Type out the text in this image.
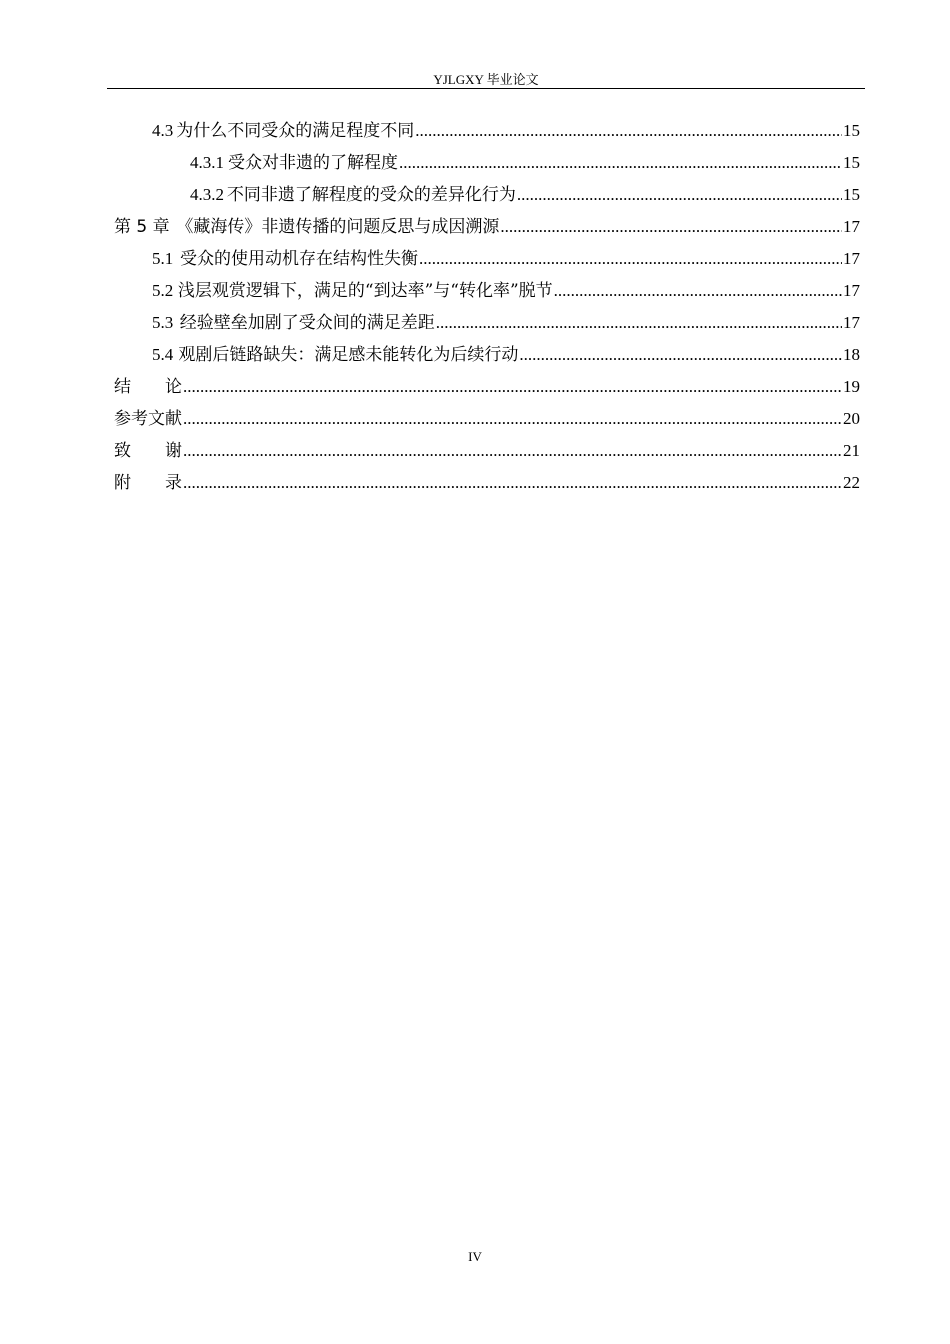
YJLGXY 毕业论文
4.3 为什么不同受众的满足程度不同 .....	15
4.3.1 受众对非遗的了解程度 .....	15
4.3.2 不同非遗了解程度的受众的差异化行为 .....	15
第 5 章 《藏海传》非遗传播的问题反思与成因溯源 .....	17
5.1 受众的使用动机存在结构性失衡 .....	17
5.2 浅层观赏逻辑下，满足的“到达率”与“转化率”脱节 .....	17
5.3 经验壁垒加剧了受众间的满足差距 .....	17
5.4 观剧后链路缺失：满足感未能转化为后续行动 .....	18
结　　论 .....	19
参考文献 .....	20
致　　谢 .....	21
附　　录 .....	22
IV
